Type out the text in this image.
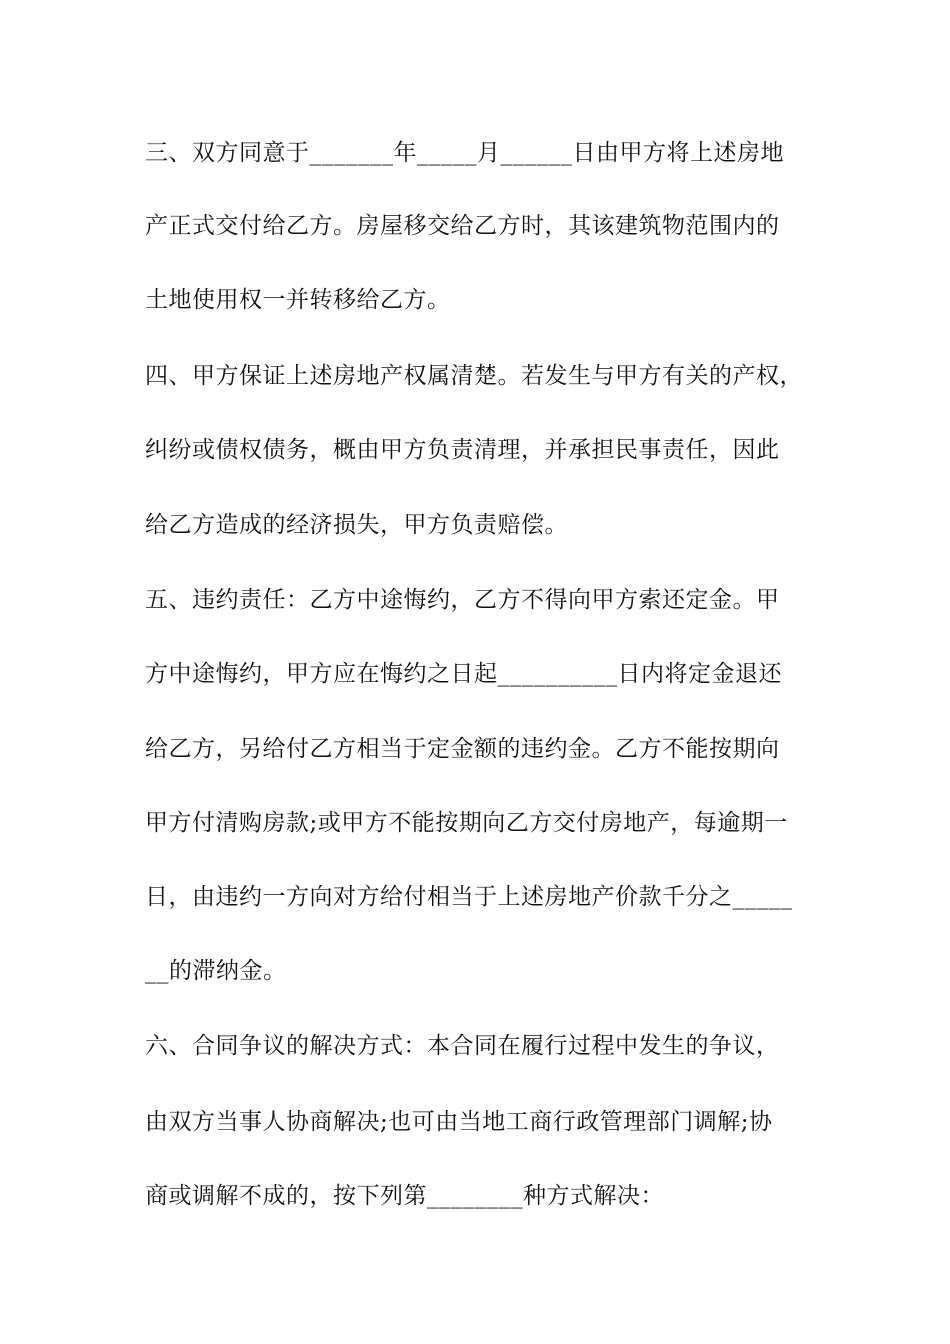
三、双方同意于_______年_____月______日由甲方将上述房地
产正式交付给乙方。房屋移交给乙方时，其该建筑物范围内的
土地使用权一并转移给乙方。
四、甲方保证上述房地产权属清楚。若发生与甲方有关的产权，
纠纷或债权债务，概由甲方负责清理，并承担民事责任，因此
给乙方造成的经济损失，甲方负责赔偿。
五、违约责任：乙方中途悔约，乙方不得向甲方索还定金。甲
方中途悔约，甲方应在悔约之日起__________日内将定金退还
给乙方，另给付乙方相当于定金额的违约金。乙方不能按期向
甲方付清购房款;或甲方不能按期向乙方交付房地产，每逾期一
日，由违约一方向对方给付相当于上述房地产价款千分之_____
__的滞纳金。
六、合同争议的解决方式：本合同在履行过程中发生的争议，
由双方当事人协商解决;也可由当地工商行政管理部门调解;协
商或调解不成的，按下列第________种方式解决：
